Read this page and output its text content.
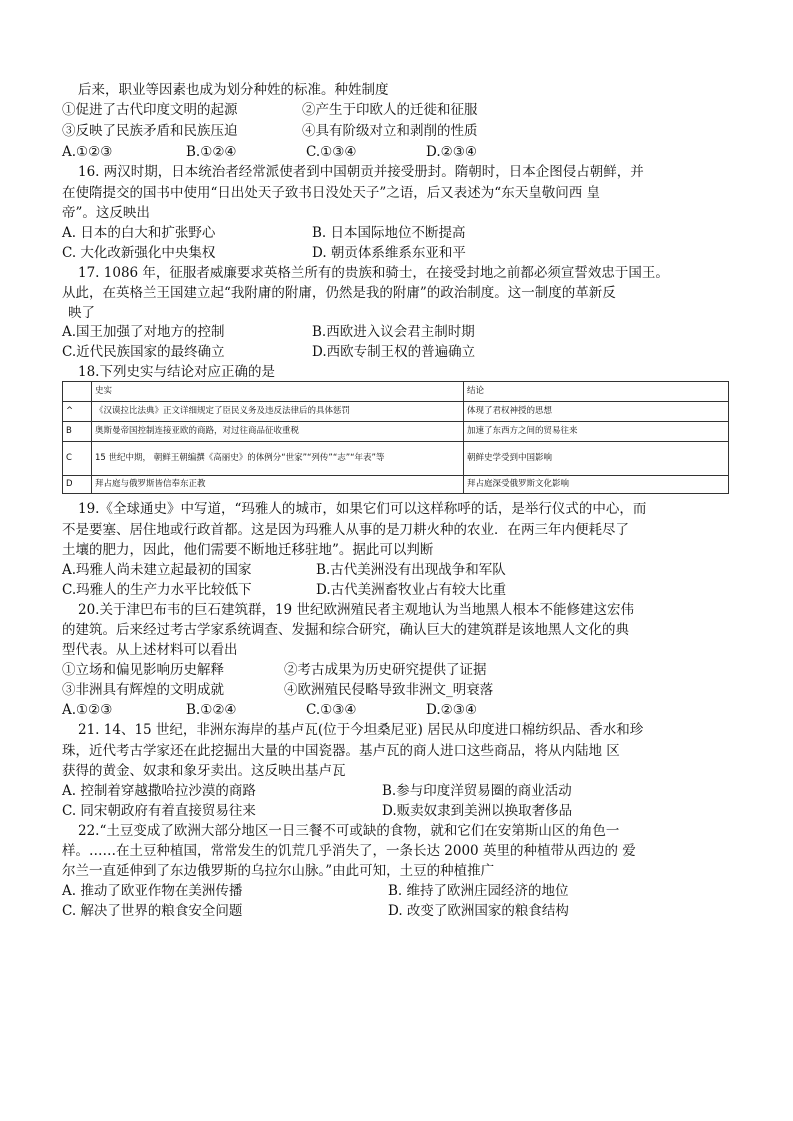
后来，职业等因素也成为划分种姓的标准。种姓制度
①促进了古代印度文明的起源	②产生于印欧人的迁徙和征服
③反映了民族矛盾和民族压迫	④具有阶级对立和剥削的性质
A.①②③	B.①②④	C.①③④	D.②③④
16. 两汉时期，日本统治者经常派使者到中国朝贡并接受册封。隋朝时，日本企图侵占朝鲜，并
在使隋提交的国书中使用“日出处天子致书日没处天子”之语，后又表述为“东天皇敬问西 皇
帝”。这反映出
A. 日本的白大和扩张野心	B. 日本国际地位不断提高
C. 大化改新强化中央集权	D. 朝贡体系维系东亚和平
17. 1086 年，征服者威廉要求英格兰所有的贵族和骑士，在接受封地之前都必须宣誓效忠于国王。
从此，在英格兰王国建立起“我附庸的附庸，仍然是我的附庸”的政治制度。这一制度的革新反
映了
A.国王加强了对地方的控制	B.西欧进入议会君主制时期
C.近代民族国家的最终确立	D.西欧专制王权的普遍确立
18.下列史实与结论对应正确的是
	史实	结论
^	《汉谟拉比法典》正文详细规定了臣民义务及违反法律后的具体惩罚	体现了君权神授的思想
B	奥斯曼帝国控制连接亚欧的商路，对过往商品征收重税	加速了东西方之间的贸易往来
C	15 世纪中期， 朝鲜王朝编撰《高丽史》的体例分“世家”“列传”“志”“年表”等	朝鲜史学受到中国影响
D	拜占庭与俄罗斯皆信奉东正教	拜占庭深受俄罗斯文化影响
19.《全球通史》中写道，“玛雅人的城市，如果它们可以这样称呼的话，是举行仪式的中心，而
不是要塞、居住地或行政首都。这是因为玛雅人从事的是刀耕火种的农业．在两三年内便耗尽了
土壤的肥力，因此，他们需要不断地迁移驻地”。据此可以判断
A.玛雅人尚未建立起最初的国家	B.古代美洲没有出现战争和军队
C.玛雅人的生产力水平比较低下	D.古代美洲畜牧业占有较大比重
20.关于津巴布韦的巨石建筑群，19 世纪欧洲殖民者主观地认为当地黑人根本不能修建这宏伟
的建筑。后来经过考古学家系统调查、发掘和综合研究，确认巨大的建筑群是该地黑人文化的典
型代表。从上述材料可以看出
①立场和偏见影响历史解释	②考古成果为历史研究提供了证据
③非洲具有辉煌的文明成就	④欧洲殖民侵略导致非洲文_明衰落
A.①②③	B.①②④	C.①③④	D.②③④
21. 14、15 世纪，非洲东海岸的基卢瓦(位于今坦桑尼亚) 居民从印度进口棉纺织品、香水和珍
珠，近代考古学家还在此挖掘出大量的中国瓷器。基卢瓦的商人进口这些商品，将从内陆地 区
获得的黄金、奴隶和象牙卖出。这反映出基卢瓦
A. 控制着穿越撒哈拉沙漠的商路	B.参与印度洋贸易圈的商业活动
C. 同宋朝政府有着直接贸易往来	D.贩卖奴隶到美洲以换取奢侈品
22.“土豆变成了欧洲大部分地区一日三餐不可或缺的食物，就和它们在安第斯山区的角色一
样。……在土豆种植国，常常发生的饥荒几乎消失了，一条长达 2000 英里的种植带从西边的 爱
尔兰一直延伸到了东边俄罗斯的乌拉尔山脉。”由此可知，土豆的种植推广
A. 推动了欧亚作物在美洲传播	B. 维持了欧洲庄园经济的地位
C. 解决了世界的粮食安全问题	D. 改变了欧洲国家的粮食结构
